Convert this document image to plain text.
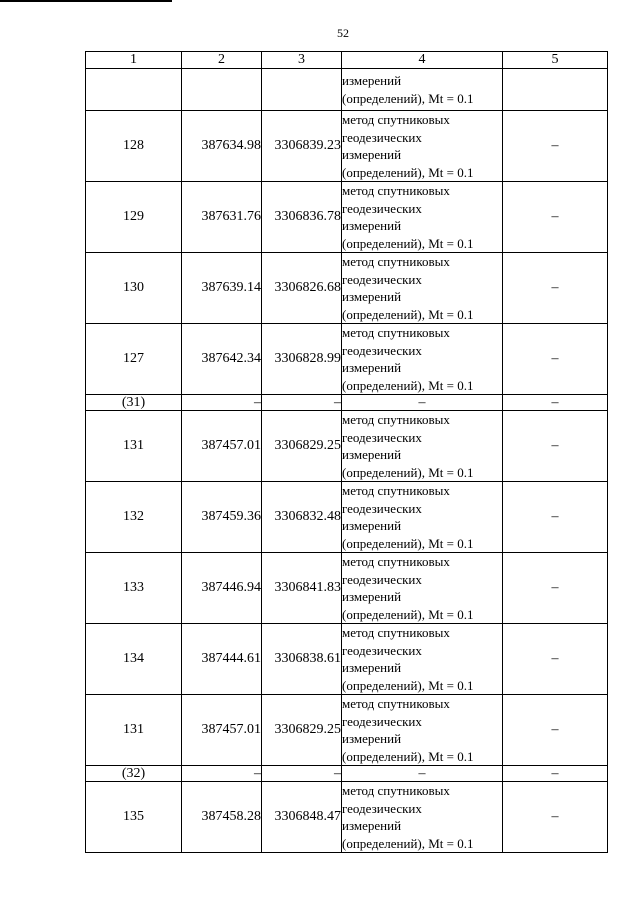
52
1	2	3	4	5

			измерений
(определений), Mt = 0.1	

128	387634.98	3306839.23	метод спутниковых
геодезических
измерений
(определений), Mt = 0.1	–
129	387631.76	3306836.78	метод спутниковых
геодезических
измерений
(определений), Mt = 0.1	–
130	387639.14	3306826.68	метод спутниковых
геодезических
измерений
(определений), Mt = 0.1	–
127	387642.34	3306828.99	метод спутниковых
геодезических
измерений
(определений), Mt = 0.1	–
(31)	–	–	–	–
131	387457.01	3306829.25	метод спутниковых
геодезических
измерений
(определений), Mt = 0.1	–
132	387459.36	3306832.48	метод спутниковых
геодезических
измерений
(определений), Mt = 0.1	–
133	387446.94	3306841.83	метод спутниковых
геодезических
измерений
(определений), Mt = 0.1	–
134	387444.61	3306838.61	метод спутниковых
геодезических
измерений
(определений), Mt = 0.1	–
131	387457.01	3306829.25	метод спутниковых
геодезических
измерений
(определений), Mt = 0.1	–
(32)	–	–	–	–
135	387458.28	3306848.47	метод спутниковых
геодезических
измерений
(определений), Mt = 0.1	–
